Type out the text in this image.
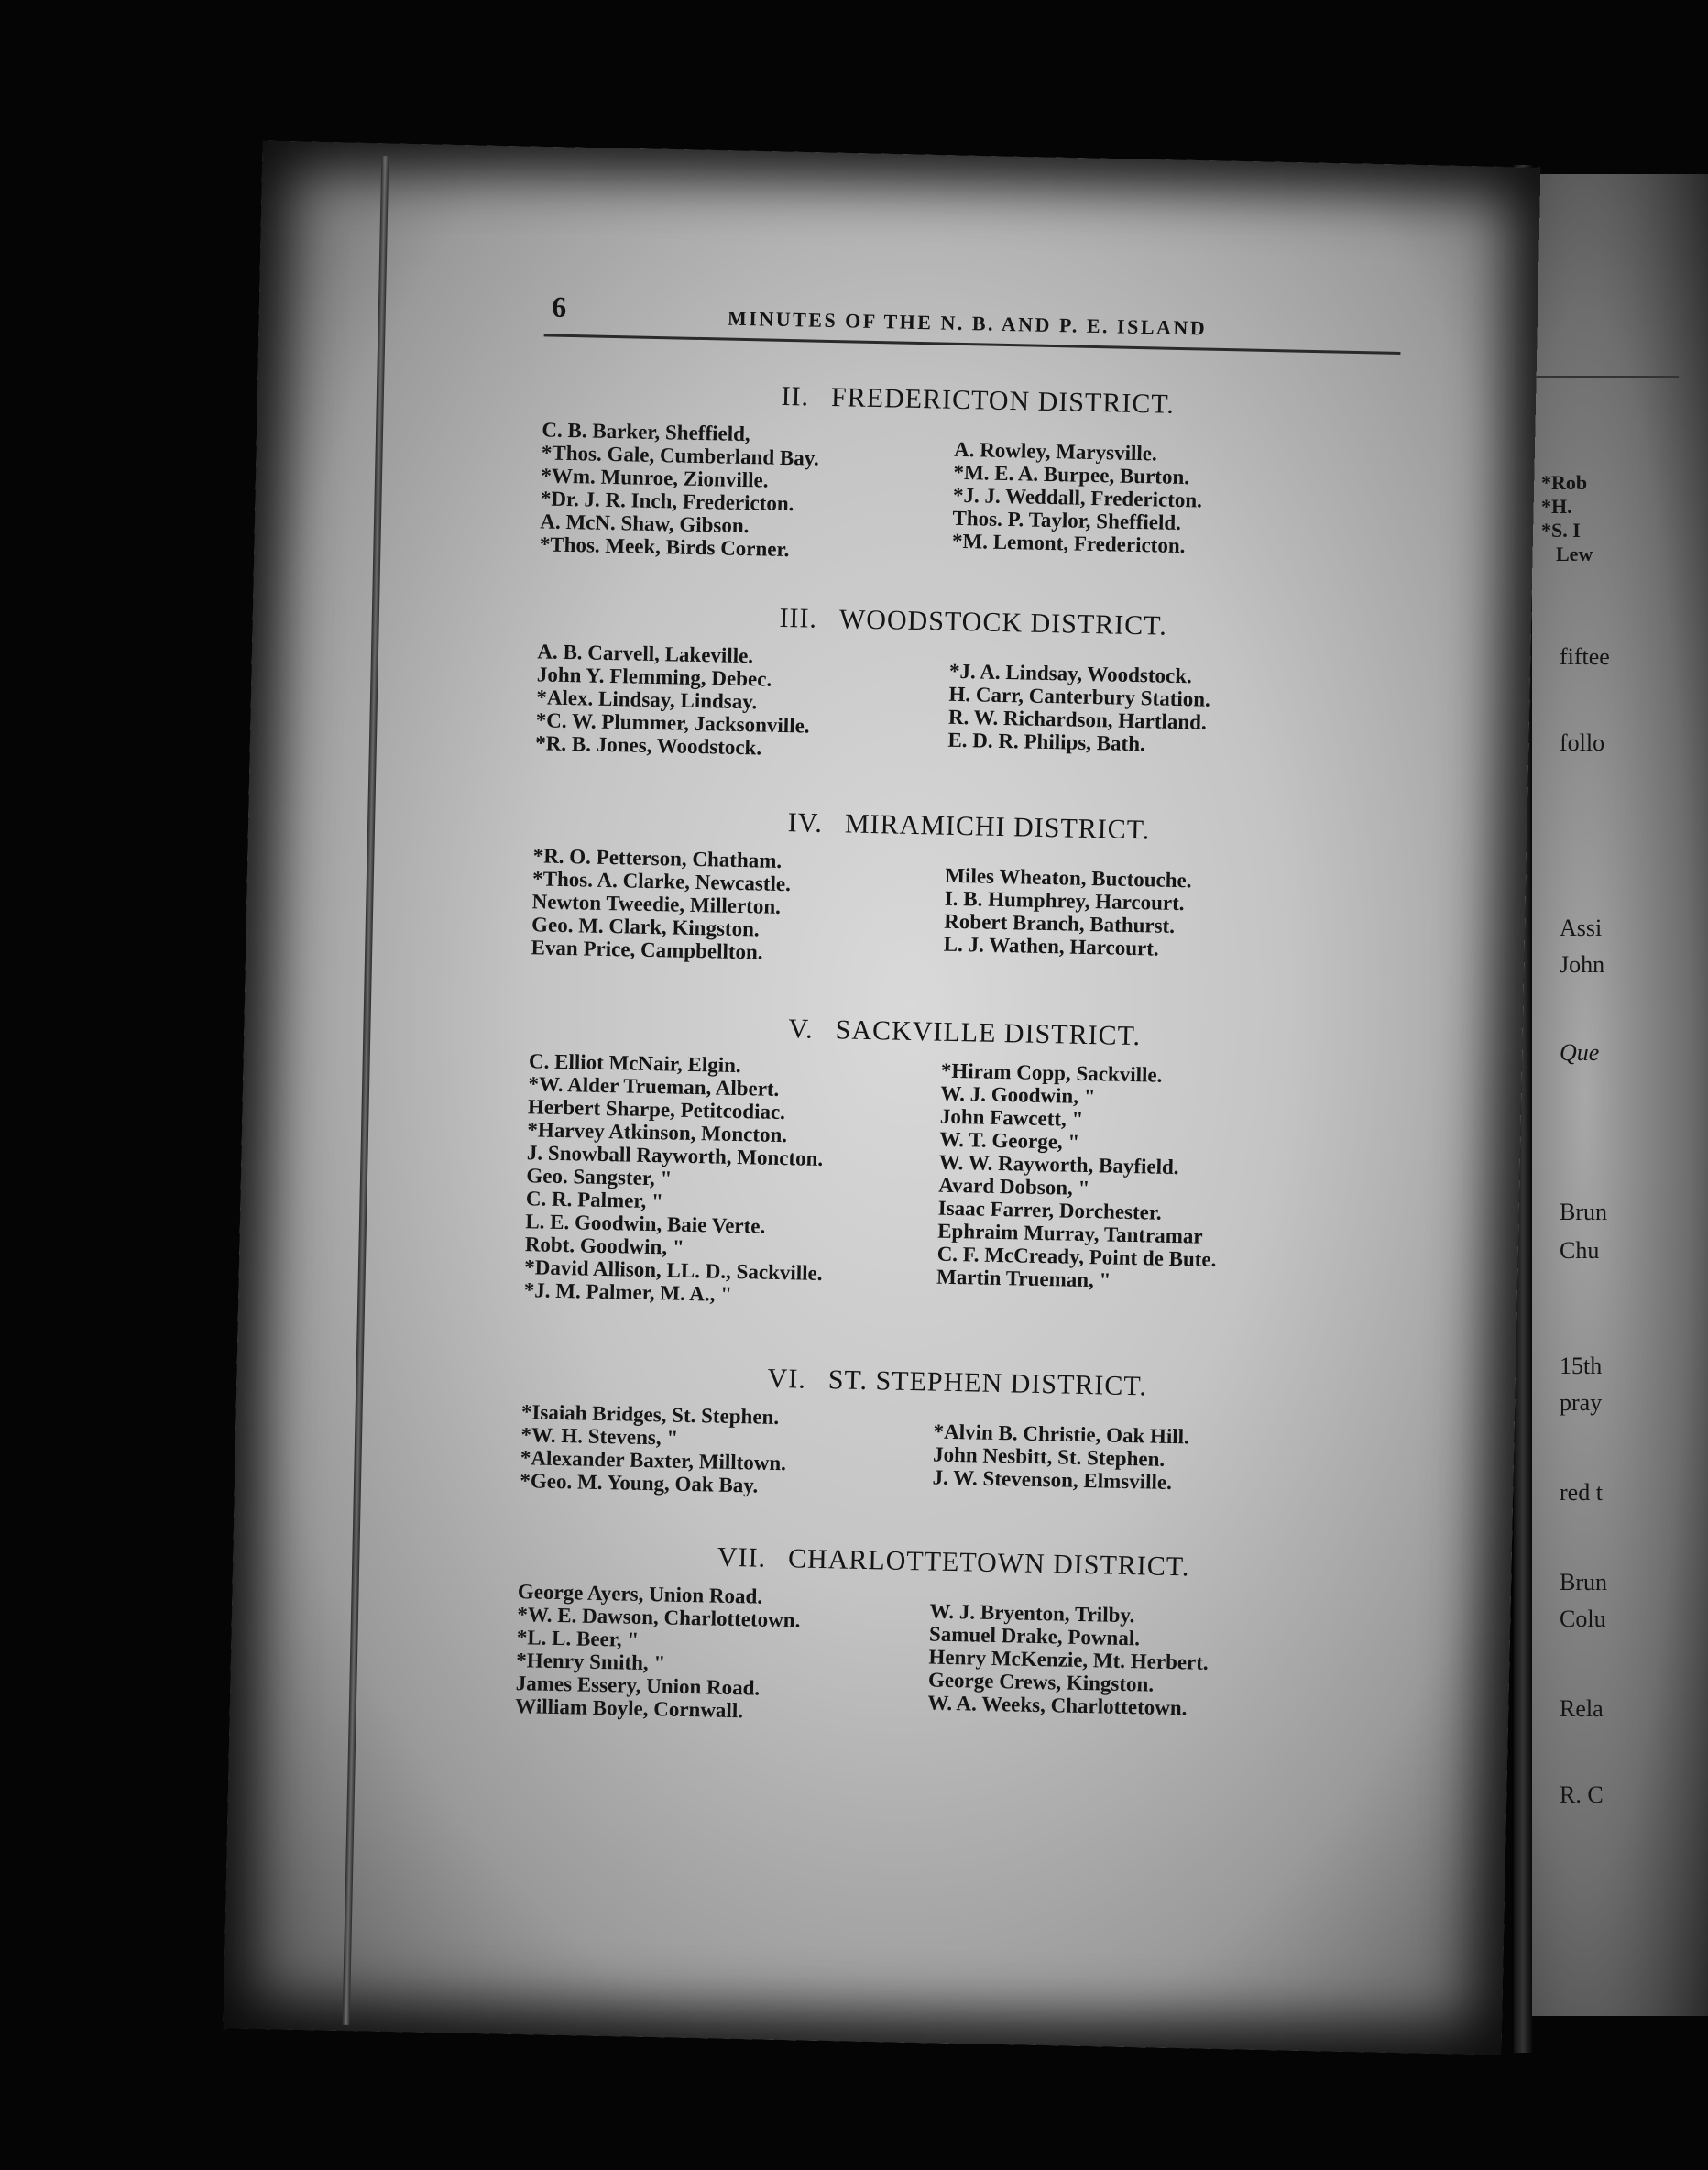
*Rob
*H.
*S. I
Lew
fiftee
follo
Assi
John
Que
Brun
Chu
15th
pray
red t
Brun
Colu
Rela
R. C
6	MINUTES OF THE N. B. AND P. E. ISLAND
II. FREDERICTON DISTRICT.
C. B. Barker, Sheffield,
*Thos. Gale, Cumberland Bay.
*Wm. Munroe, Zionville.
*Dr. J. R. Inch, Fredericton.
A. McN. Shaw, Gibson.
*Thos. Meek, Birds Corner.
A. Rowley, Marysville.
*M. E. A. Burpee, Burton.
*J. J. Weddall, Fredericton.
Thos. P. Taylor, Sheffield.
*M. Lemont, Fredericton.
III. WOODSTOCK DISTRICT.
A. B. Carvell, Lakeville.
John Y. Flemming, Debec.
*Alex. Lindsay, Lindsay.
*C. W. Plummer, Jacksonville.
*R. B. Jones, Woodstock.
*J. A. Lindsay, Woodstock.
H. Carr, Canterbury Station.
R. W. Richardson, Hartland.
E. D. R. Philips, Bath.
IV. MIRAMICHI DISTRICT.
*R. O. Petterson, Chatham.
*Thos. A. Clarke, Newcastle.
Newton Tweedie, Millerton.
Geo. M. Clark, Kingston.
Evan Price, Campbellton.
Miles Wheaton, Buctouche.
I. B. Humphrey, Harcourt.
Robert Branch, Bathurst.
L. J. Wathen, Harcourt.
V. SACKVILLE DISTRICT.
C. Elliot McNair, Elgin.
*W. Alder Trueman, Albert.
Herbert Sharpe, Petitcodiac.
*Harvey Atkinson, Moncton.
J. Snowball Rayworth, Moncton.
Geo. Sangster, "
C. R. Palmer, "
L. E. Goodwin, Baie Verte.
Robt. Goodwin, "
*David Allison, LL. D., Sackville.
*J. M. Palmer, M. A., "
*Hiram Copp, Sackville.
W. J. Goodwin, "
John Fawcett, "
W. T. George, "
W. W. Rayworth, Bayfield.
Avard Dobson, "
Isaac Farrer, Dorchester.
Ephraim Murray, Tantramar
C. F. McCready, Point de Bute.
Martin Trueman, "
VI. ST. STEPHEN DISTRICT.
*Isaiah Bridges, St. Stephen.
*W. H. Stevens, "
*Alexander Baxter, Milltown.
*Geo. M. Young, Oak Bay.
*Alvin B. Christie, Oak Hill.
John Nesbitt, St. Stephen.
J. W. Stevenson, Elmsville.
VII. CHARLOTTETOWN DISTRICT.
George Ayers, Union Road.
*W. E. Dawson, Charlottetown.
*L. L. Beer, "
*Henry Smith, "
James Essery, Union Road.
William Boyle, Cornwall.
W. J. Bryenton, Trilby.
Samuel Drake, Pownal.
Henry McKenzie, Mt. Herbert.
George Crews, Kingston.
W. A. Weeks, Charlottetown.
